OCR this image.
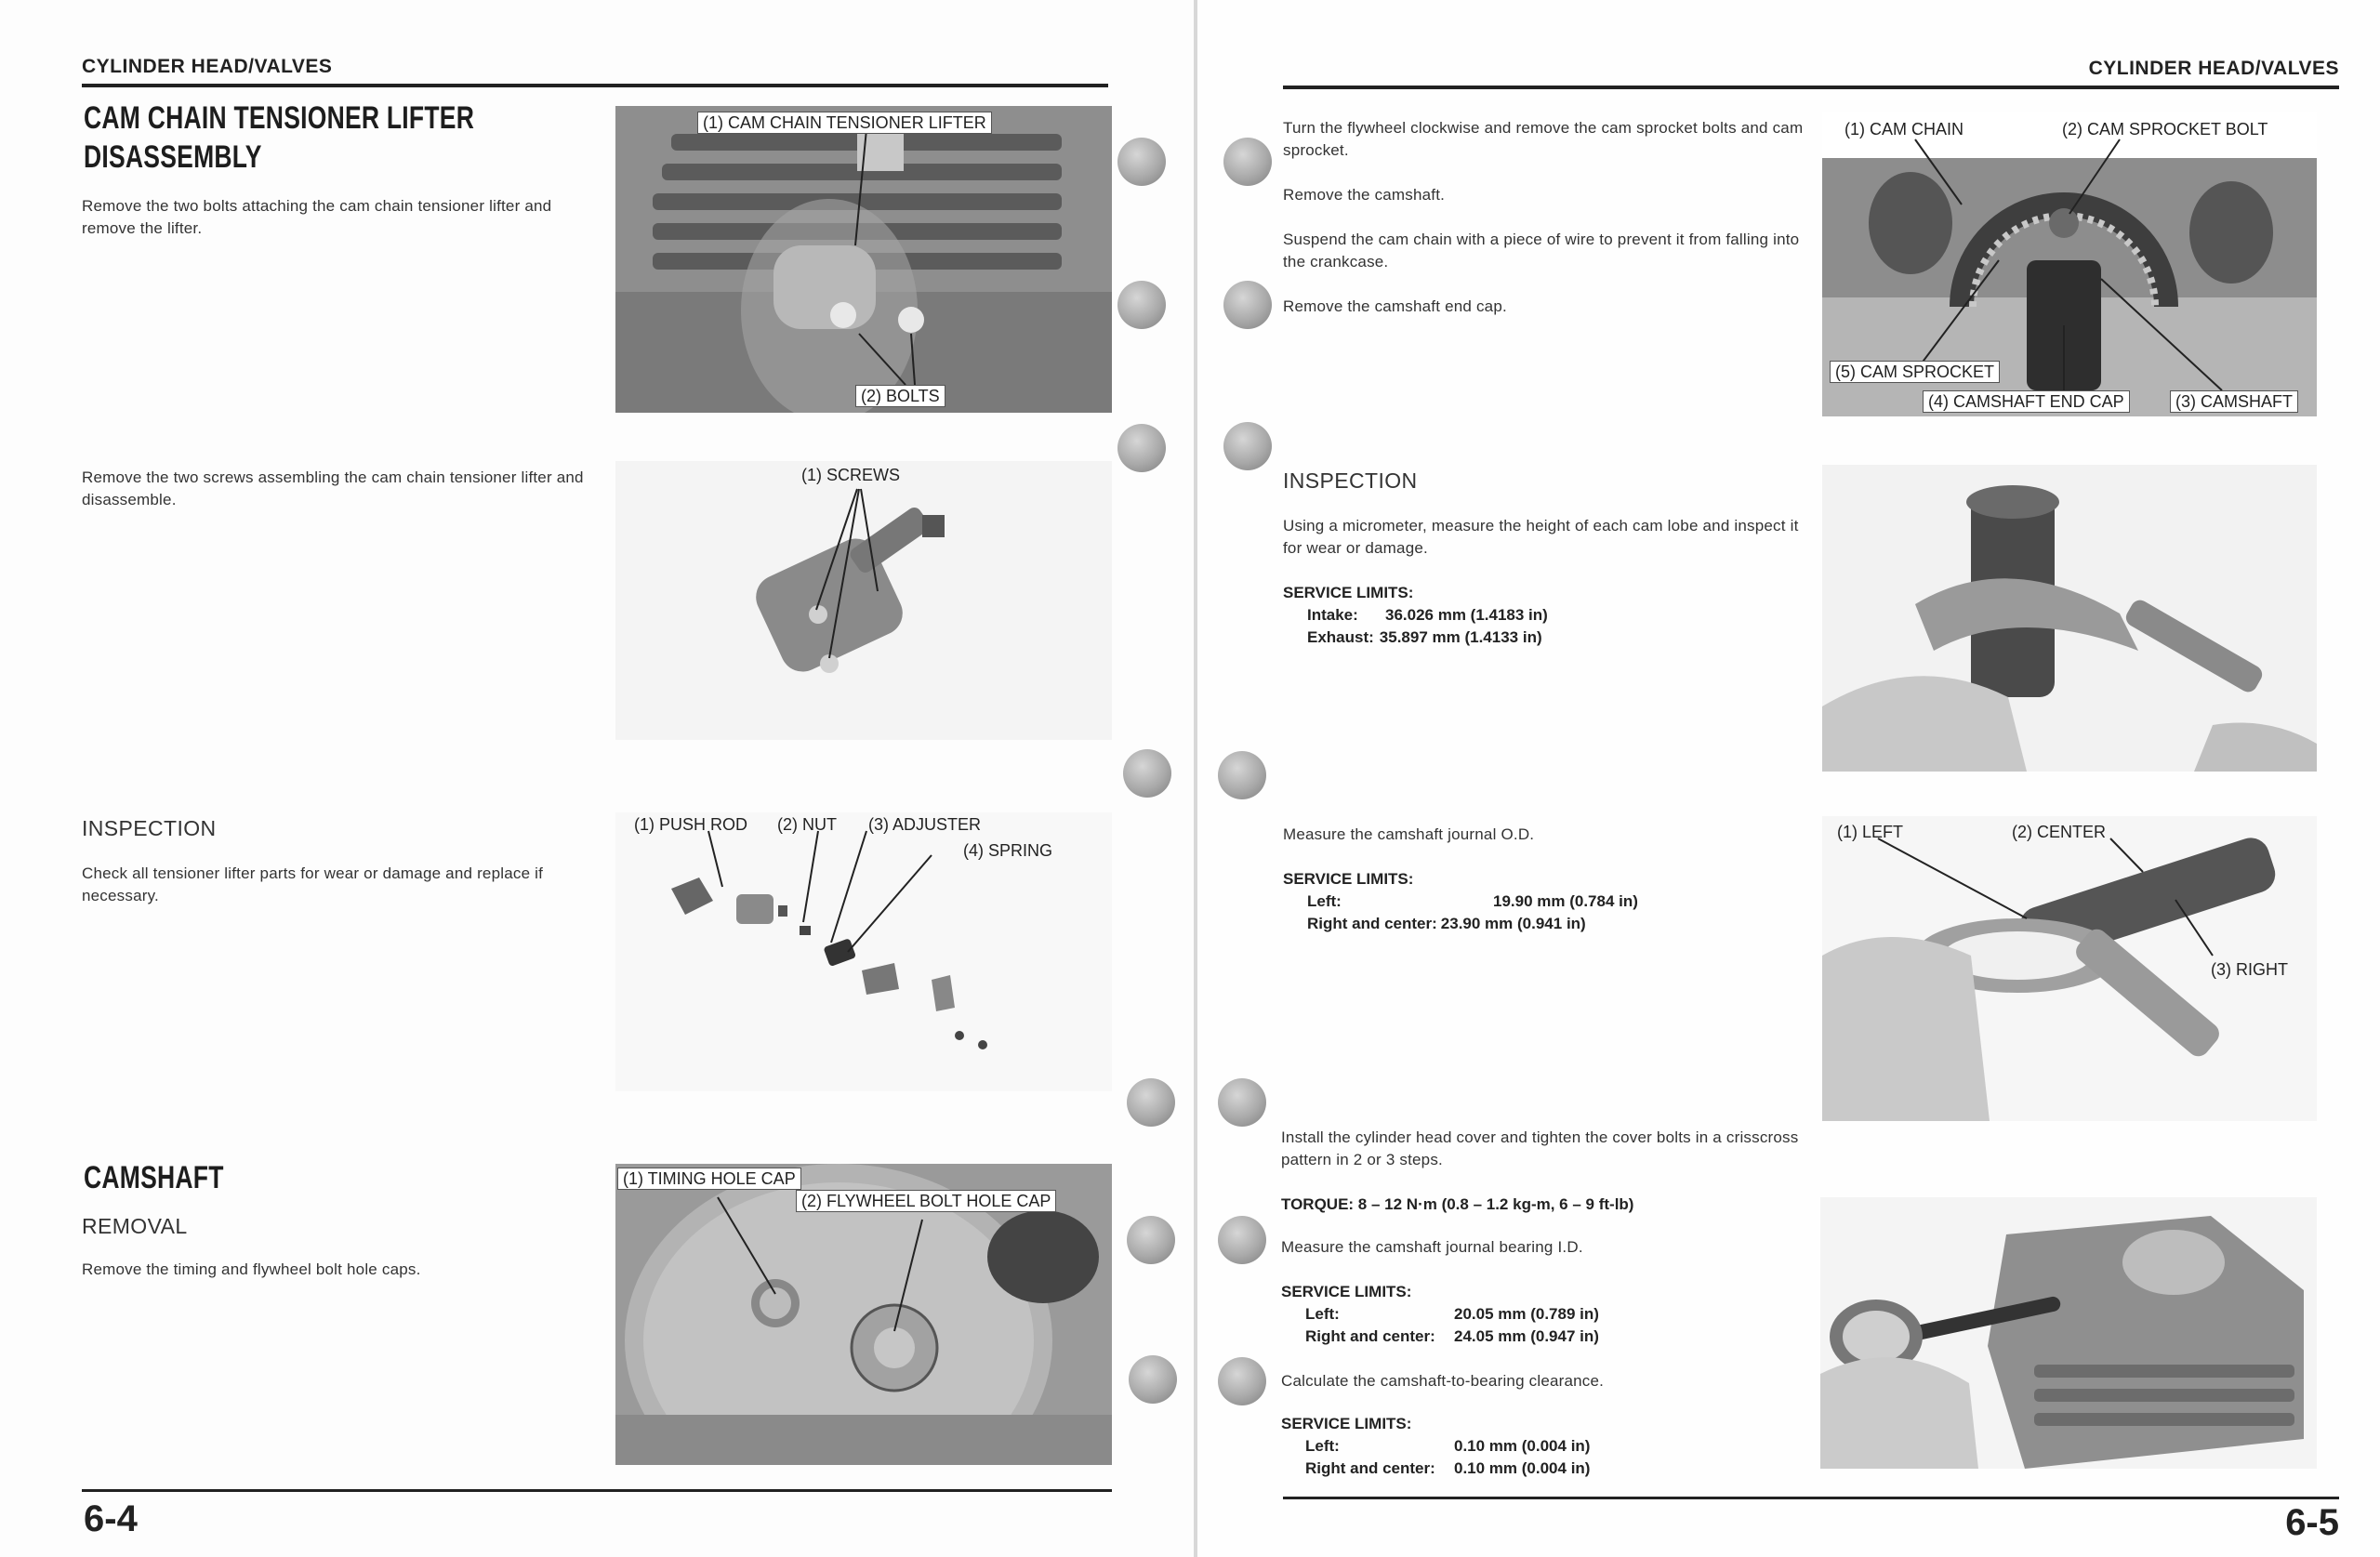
CYLINDER HEAD/VALVES
CAM CHAIN TENSIONER LIFTER
DISASSEMBLY
Remove the two bolts attaching the cam chain tensioner lifter and remove the lifter.
(1) CAM CHAIN TENSIONER LIFTER
(2) BOLTS
Remove the two screws assembling the cam chain tensioner lifter and disassemble.
(1) SCREWS
INSPECTION
Check all tensioner lifter parts for wear or damage and replace if necessary.
(1) PUSH ROD (2) NUT (3) ADJUSTER
(4) SPRING
CAMSHAFT
REMOVAL
Remove the timing and flywheel bolt hole caps.
(1) TIMING HOLE CAP
(2) FLYWHEEL BOLT HOLE CAP
6-4
CYLINDER HEAD/VALVES

Turn the flywheel clockwise and remove the cam sprocket bolts and cam sprocket.

Remove the camshaft.

Suspend the cam chain with a piece of wire to prevent it from falling into the crankcase.

Remove the camshaft end cap.

(1) CAM CHAIN	(2) CAM SPROCKET BOLT
(5) CAM SPROCKET
(4) CAMSHAFT END CAP	(3) CAMSHAFT
INSPECTION
Using a micrometer, measure the height of each cam lobe and inspect it for wear or damage.
SERVICE LIMITS:
Intake:	36.026 mm (1.4183 in)
Exhaust: 35.897 mm (1.4133 in)
Measure the camshaft journal O.D.
SERVICE LIMITS:
Left:	19.90 mm (0.784 in)
Right and center: 23.90 mm (0.941 in)
(1) LEFT	(2) CENTER
(3) RIGHT
Install the cylinder head cover and tighten the cover bolts in a crisscross pattern in 2 or 3 steps.
TORQUE: 8 – 12 N·m (0.8 – 1.2 kg-m, 6 – 9 ft-lb)
Measure the camshaft journal bearing I.D.
SERVICE LIMITS:
Left:	20.05 mm (0.789 in)
Right and center:	24.05 mm (0.947 in)
Calculate the camshaft-to-bearing clearance.
SERVICE LIMITS:
Left:	0.10 mm (0.004 in)
Right and center:	0.10 mm (0.004 in)
6-5
